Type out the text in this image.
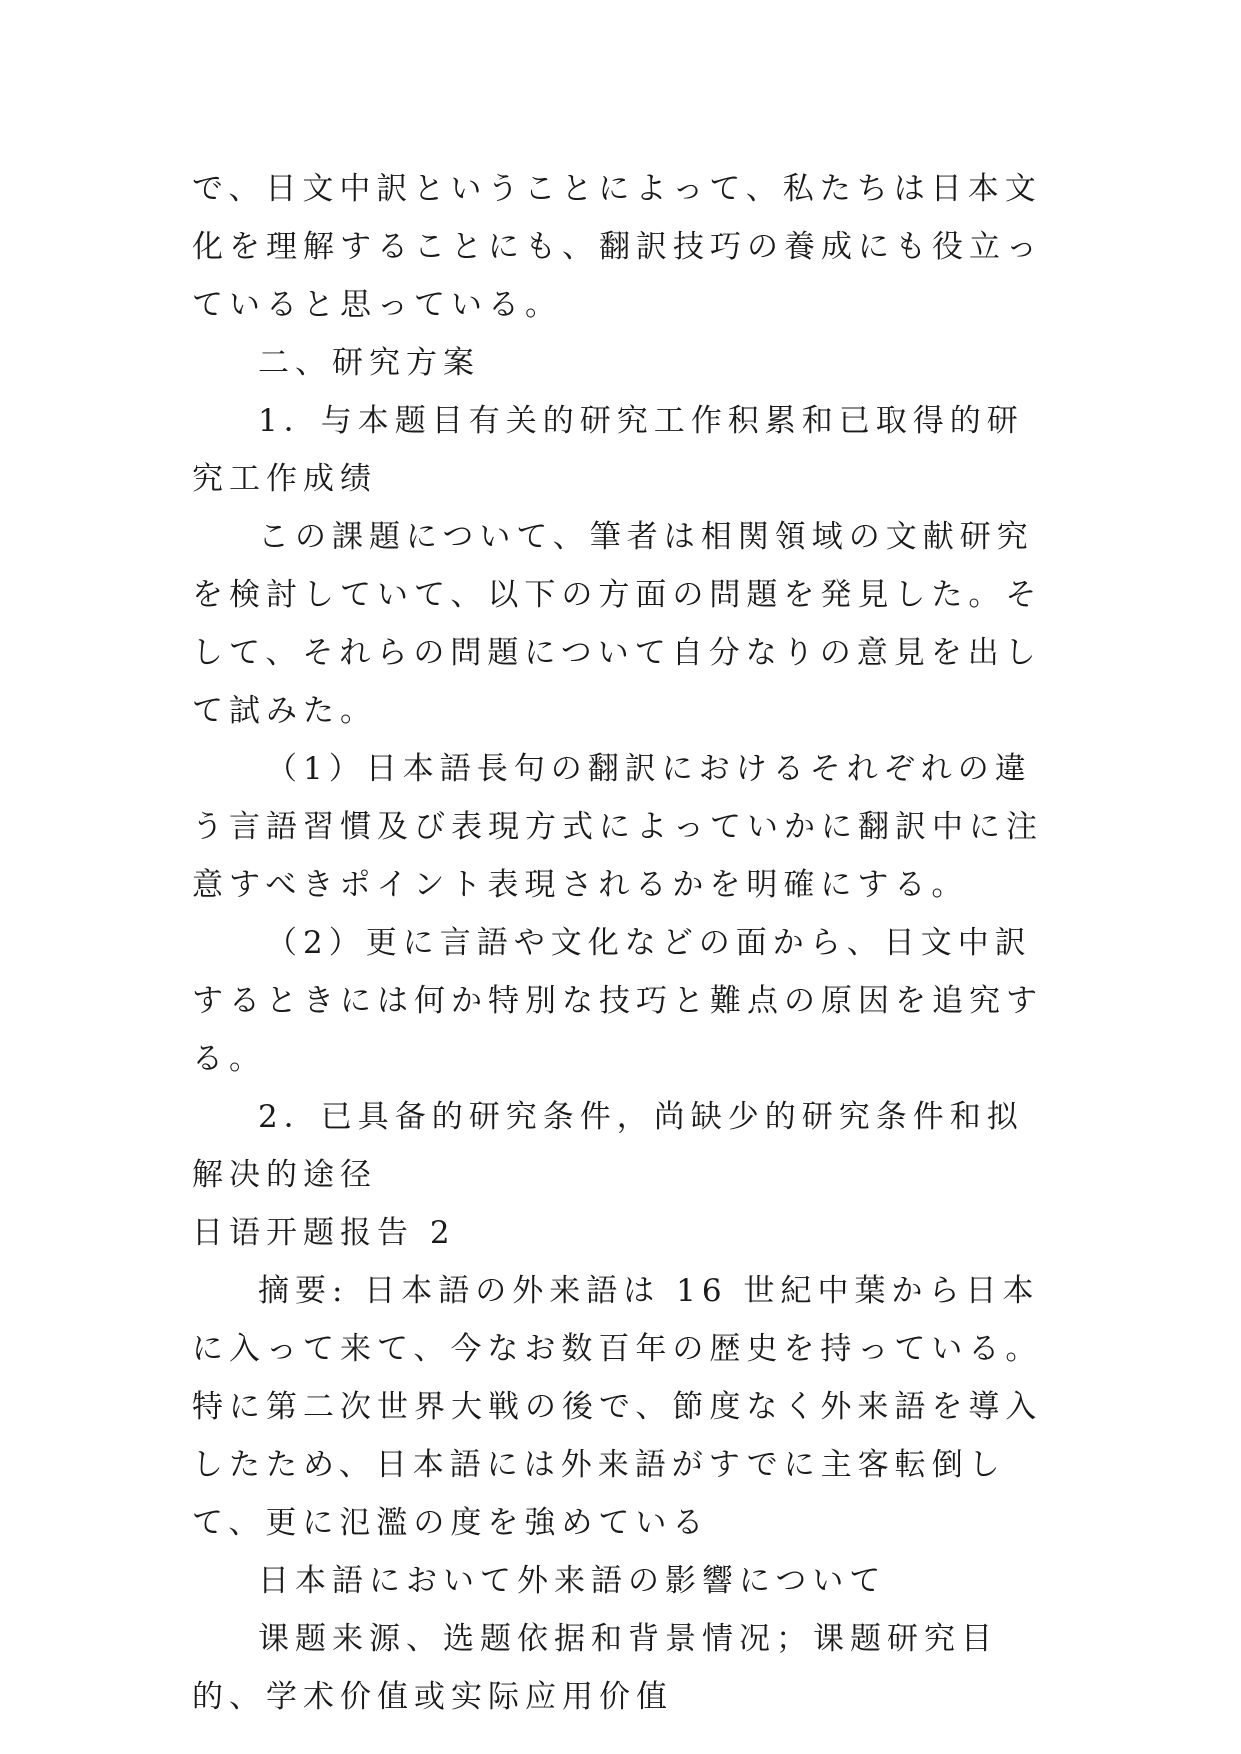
で、日文中訳ということによって、私たちは日本文化を理解することにも、翻訳技巧の養成にも役立っていると思っている。

二、研究方案

1．与本题目有关的研究工作积累和已取得的研究工作成绩

この課題について、筆者は相関領域の文献研究を検討していて、以下の方面の問題を発見した。そして、それらの問題について自分なりの意見を出して試みた。

（1）日本語長句の翻訳におけるそれぞれの違う言語習慣及び表現方式によっていかに翻訳中に注意すべきポイント表現されるかを明確にする。

（2）更に言語や文化などの面から、日文中訳するときには何か特別な技巧と難点の原因を追究する。

2．已具备的研究条件，尚缺少的研究条件和拟解决的途径

日语开题报告 2

摘要: 日本語の外来語は 16 世紀中葉から日本に入って来て、今なお数百年の歴史を持っている。特に第二次世界大戦の後で、節度なく外来語を導入したため、日本語には外来語がすでに主客転倒して、更に氾濫の度を強めている

日本語において外来語の影響について

课题来源、选题依据和背景情况；课题研究目的、学术价值或实际应用价值
